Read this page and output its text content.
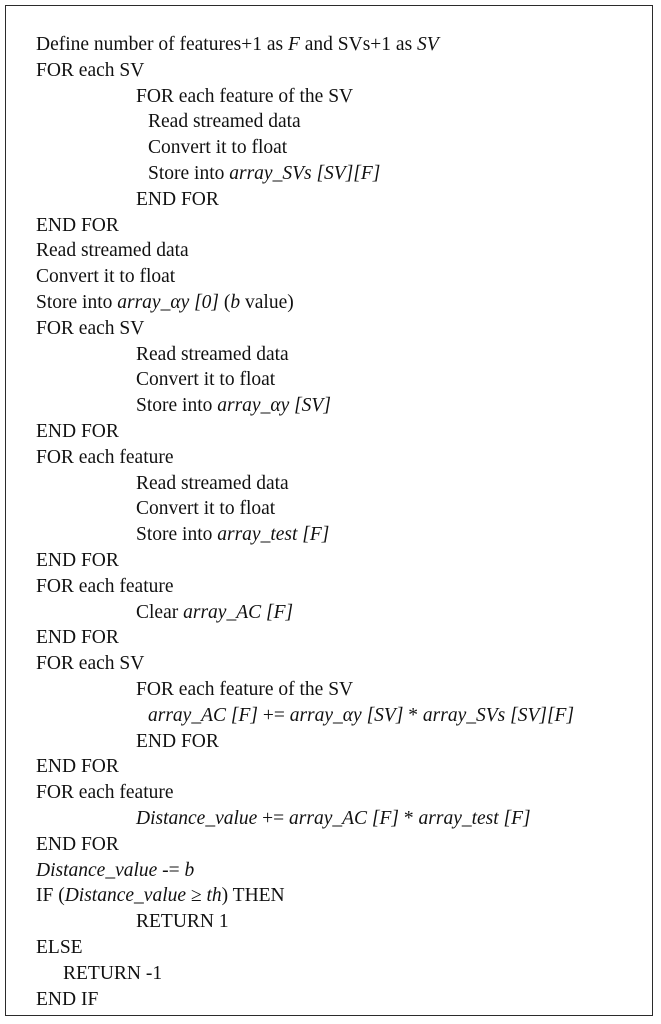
Define number of features+1 as F and SVs+1 as SV
FOR each SV
FOR each feature of the SV
Read streamed data
Convert it to float
Store into array_SVs [SV][F]
END FOR
END FOR
Read streamed data
Convert it to float
Store into array_αy [0] (b value)
FOR each SV
Read streamed data
Convert it to float
Store into array_αy [SV]
END FOR
FOR each feature
Read streamed data
Convert it to float
Store into array_test [F]
END FOR
FOR each feature
Clear array_AC [F]
END FOR
FOR each SV
FOR each feature of the SV
array_AC [F] += array_αy [SV] * array_SVs [SV][F]
END FOR
END FOR
FOR each feature
Distance_value += array_AC [F] * array_test [F]
END FOR
Distance_value -= b
IF (Distance_value ≥ th) THEN
RETURN 1
ELSE
RETURN -1
END IF
